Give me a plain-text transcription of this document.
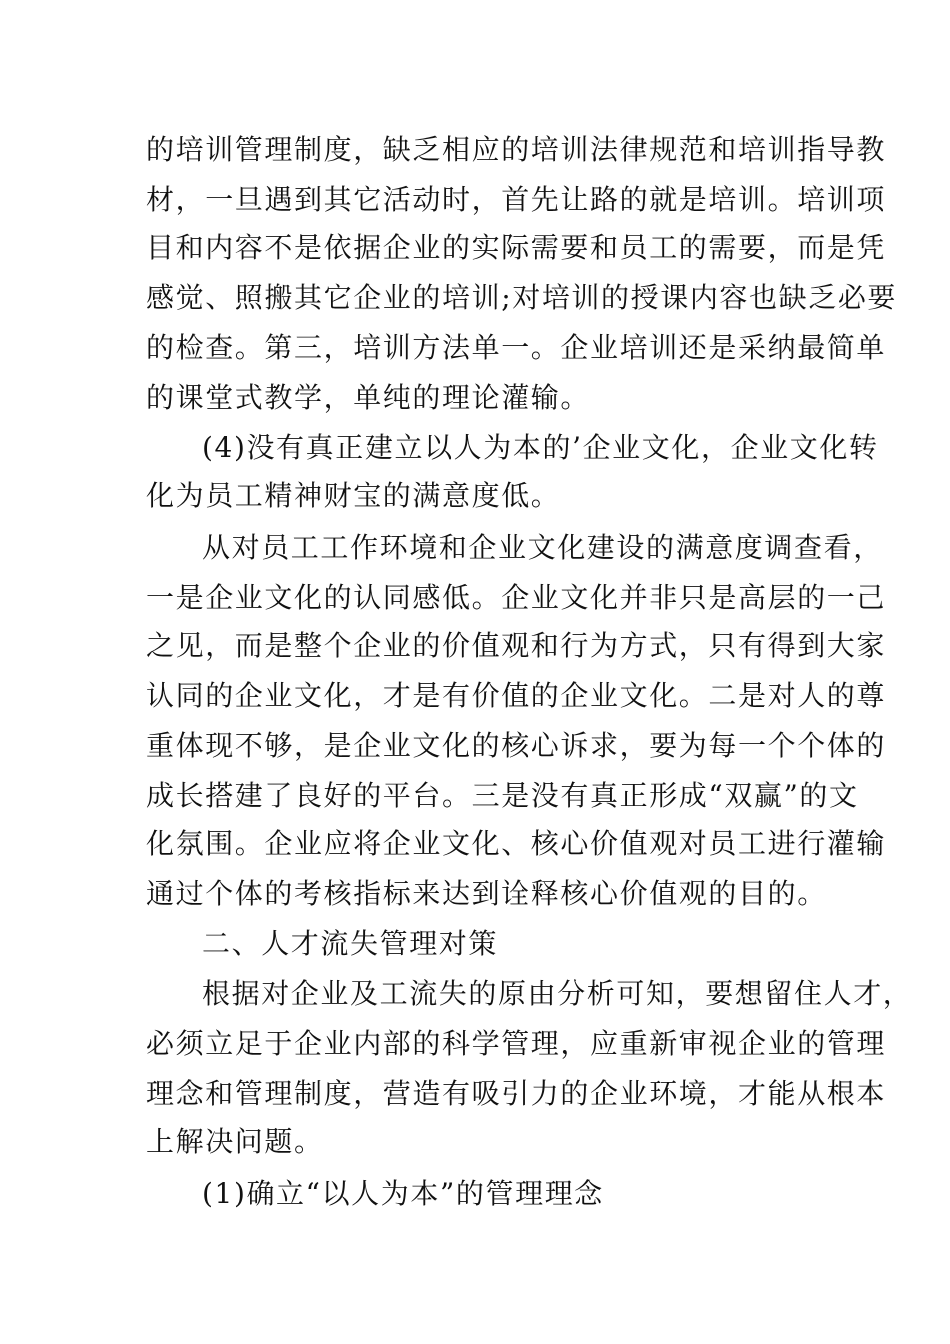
的培训管理制度，缺乏相应的培训法律规范和培训指导教
材，一旦遇到其它活动时，首先让路的就是培训。培训项
目和内容不是依据企业的实际需要和员工的需要，而是凭
感觉、照搬其它企业的培训;对培训的授课内容也缺乏必要
的检查。第三，培训方法单一。企业培训还是采纳最简单
的课堂式教学，单纯的理论灌输。
(4)没有真正建立以人为本的’企业文化，企业文化转
化为员工精神财宝的满意度低。
从对员工工作环境和企业文化建设的满意度调查看，
一是企业文化的认同感低。企业文化并非只是高层的一己
之见，而是整个企业的价值观和行为方式，只有得到大家
认同的企业文化，才是有价值的企业文化。二是对人的尊
重体现不够，是企业文化的核心诉求，要为每一个个体的
成长搭建了良好的平台。三是没有真正形成“双赢”的文
化氛围。企业应将企业文化、核心价值观对员工进行灌输
通过个体的考核指标来达到诠释核心价值观的目的。
二、人才流失管理对策
根据对企业及工流失的原由分析可知，要想留住人才，
必须立足于企业内部的科学管理，应重新审视企业的管理
理念和管理制度，营造有吸引力的企业环境，才能从根本
上解决问题。
(1)确立“以人为本”的管理理念
